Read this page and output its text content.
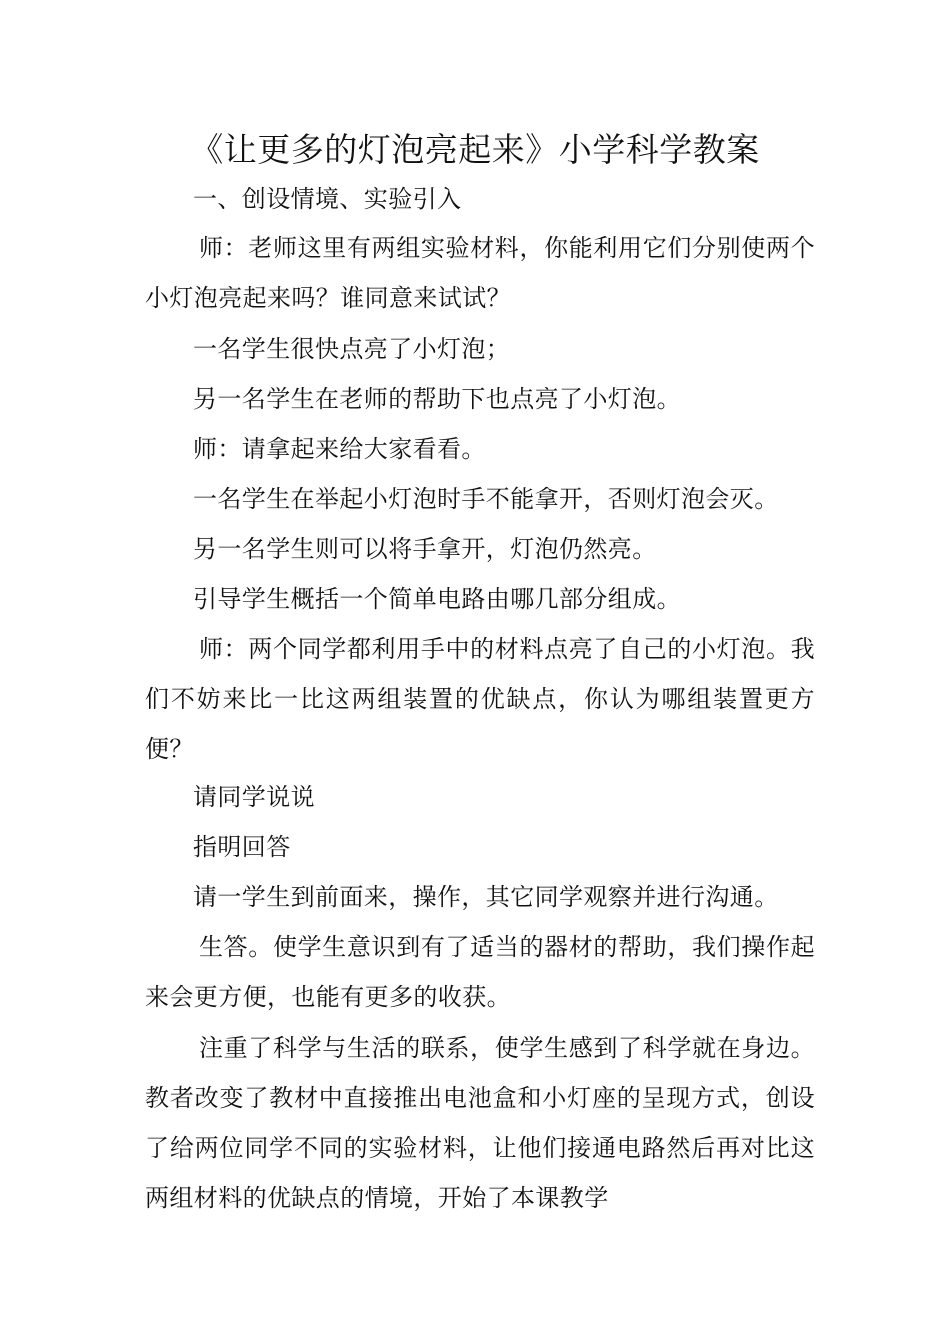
《让更多的灯泡亮起来》小学科学教案
一、创设情境、实验引入
师：老师这里有两组实验材料，你能利用它们分别使两个小灯泡亮起来吗？谁同意来试试？
一名学生很快点亮了小灯泡；
另一名学生在老师的帮助下也点亮了小灯泡。
师：请拿起来给大家看看。
一名学生在举起小灯泡时手不能拿开，否则灯泡会灭。
另一名学生则可以将手拿开，灯泡仍然亮。
引导学生概括一个简单电路由哪几部分组成。
师：两个同学都利用手中的材料点亮了自己的小灯泡。我们不妨来比一比这两组装置的优缺点，你认为哪组装置更方便？
请同学说说
指明回答
请一学生到前面来，操作，其它同学观察并进行沟通。
生答。使学生意识到有了适当的器材的帮助，我们操作起来会更方便，也能有更多的收获。
注重了科学与生活的联系，使学生感到了科学就在身边。教者改变了教材中直接推出电池盒和小灯座的呈现方式，创设了给两位同学不同的实验材料，让他们接通电路然后再对比这两组材料的优缺点的情境，开始了本课教学
